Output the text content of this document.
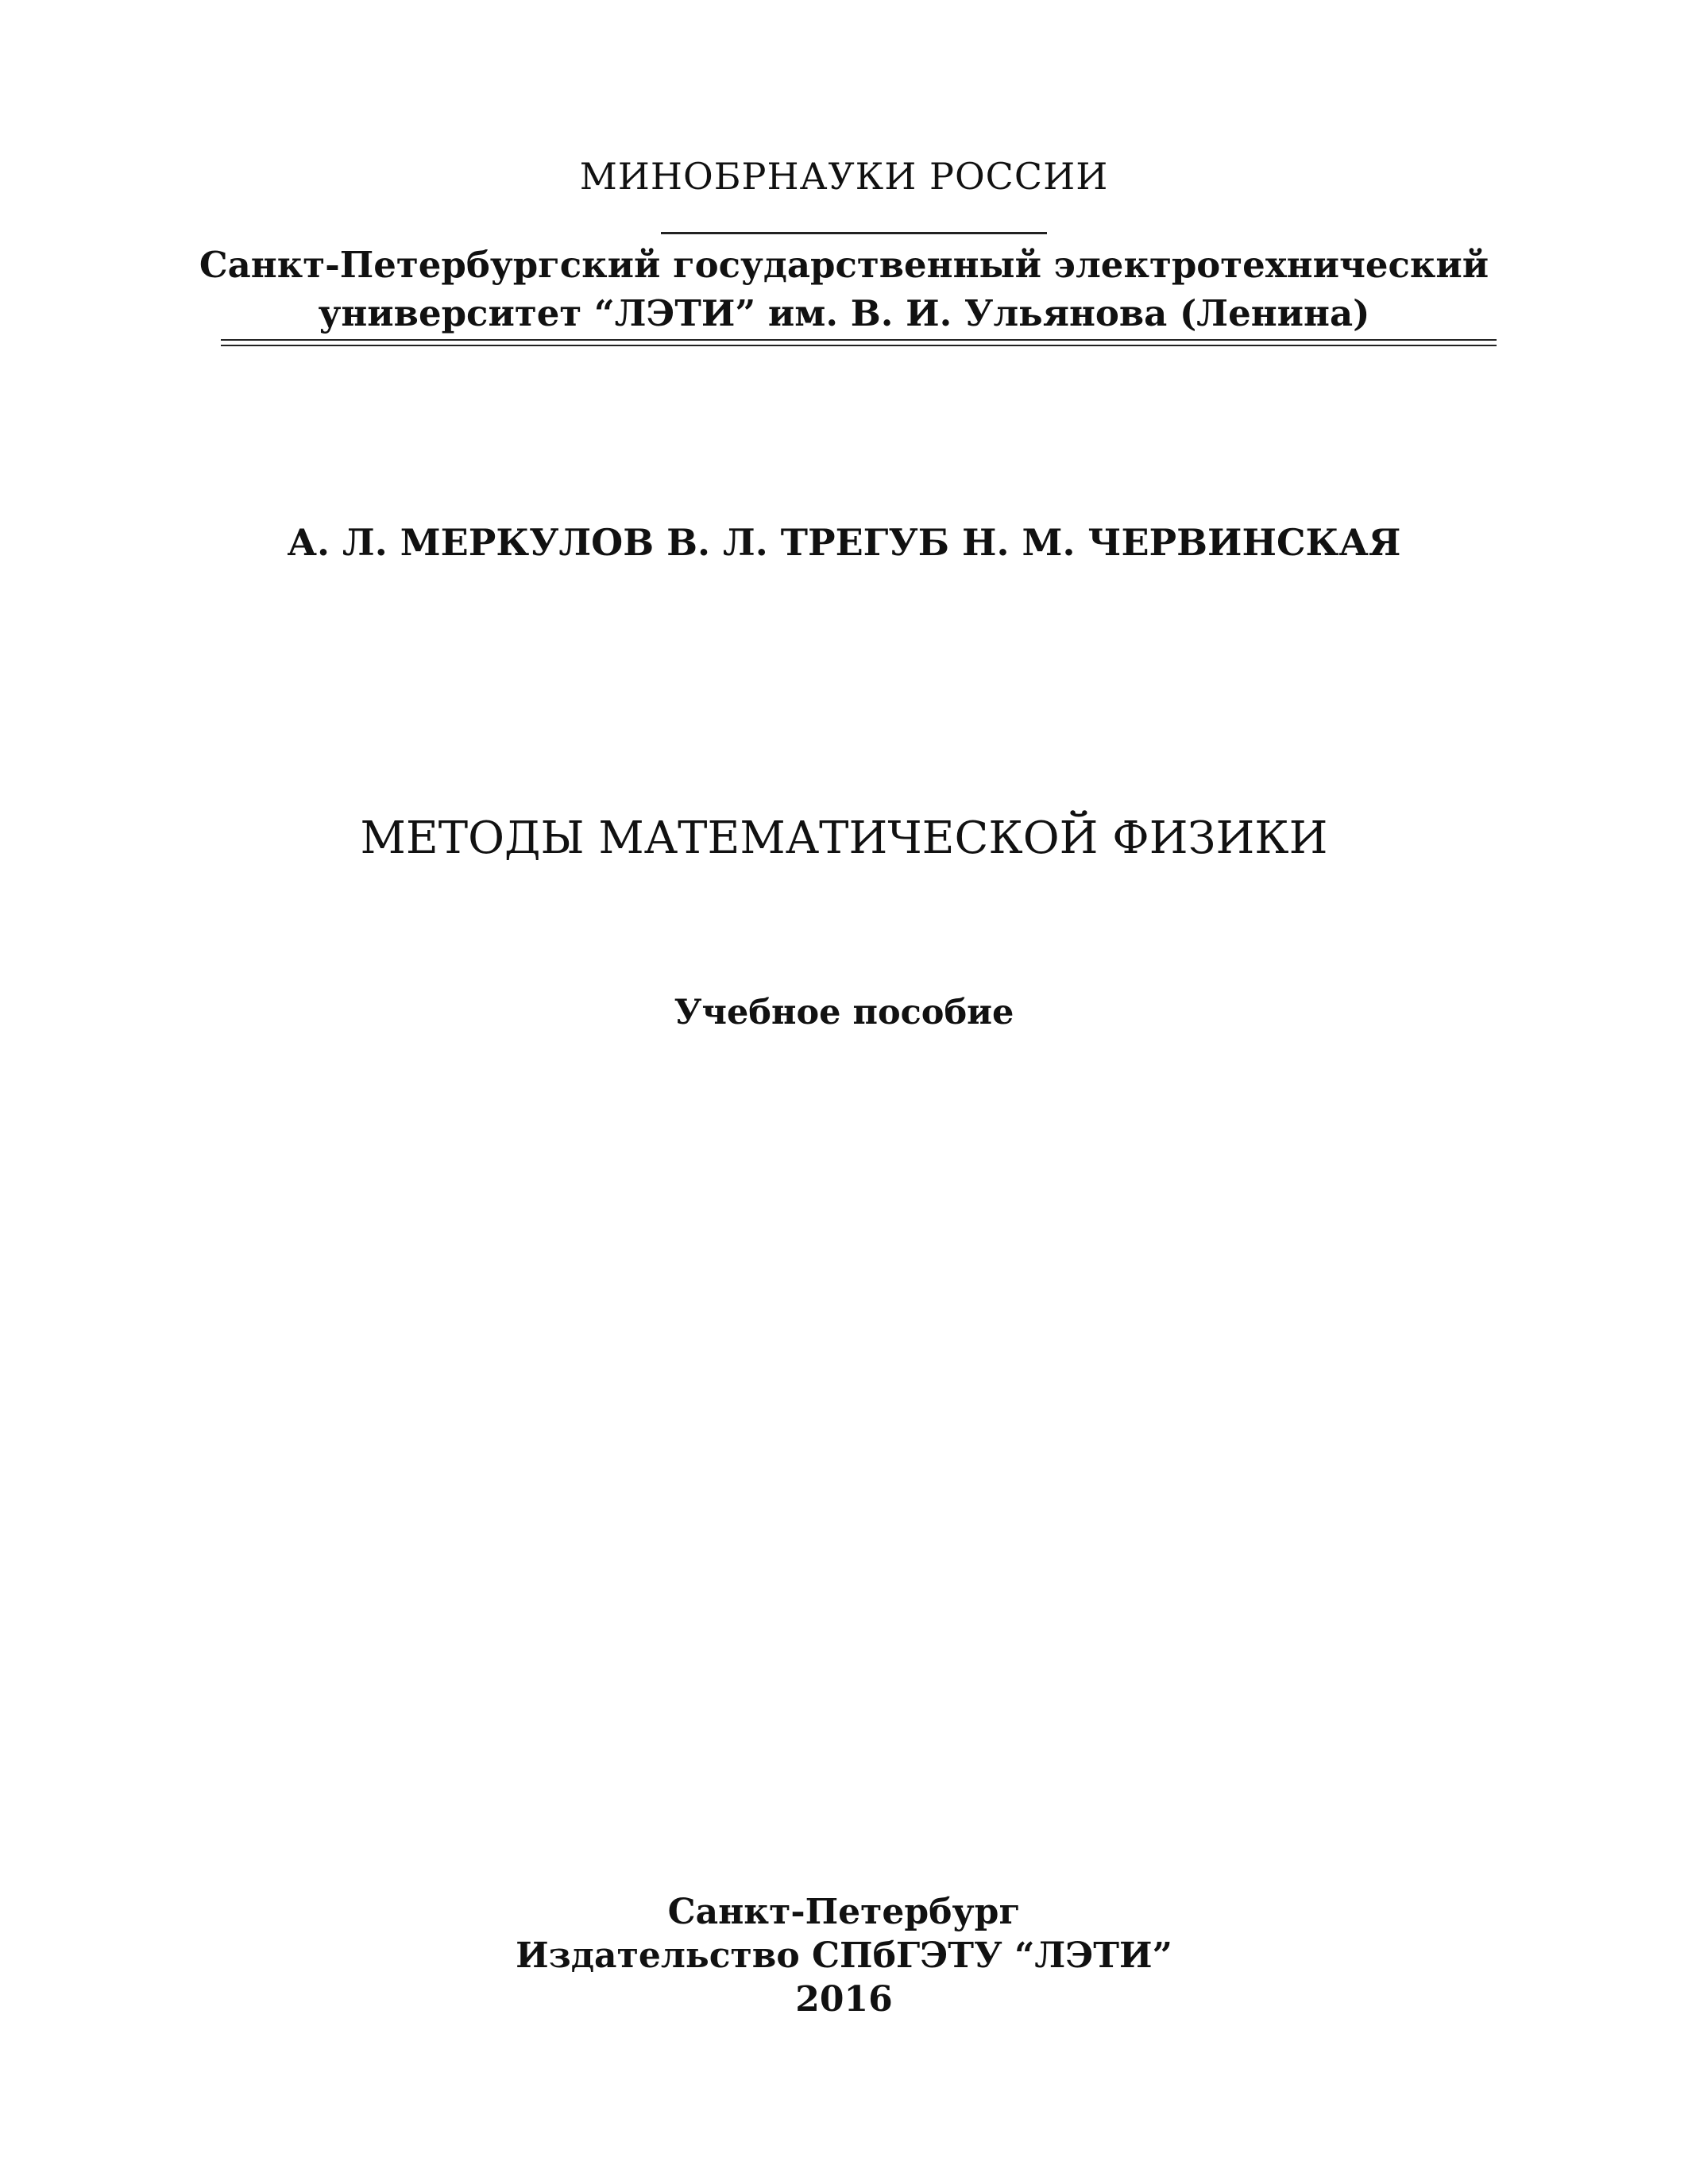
МИНОБРНАУКИ РОССИИ
Санкт-Петербургский государственный электротехнический
университет “ЛЭТИ” им. В. И. Ульянова (Ленина)
А. Л. МЕРКУЛОВ В. Л. ТРЕГУБ Н. М. ЧЕРВИНСКАЯ
МЕТОДЫ МАТЕМАТИЧЕСКОЙ ФИЗИКИ
Учебное пособие
Санкт-Петербург
Издательство СПбГЭТУ “ЛЭТИ”
2016
